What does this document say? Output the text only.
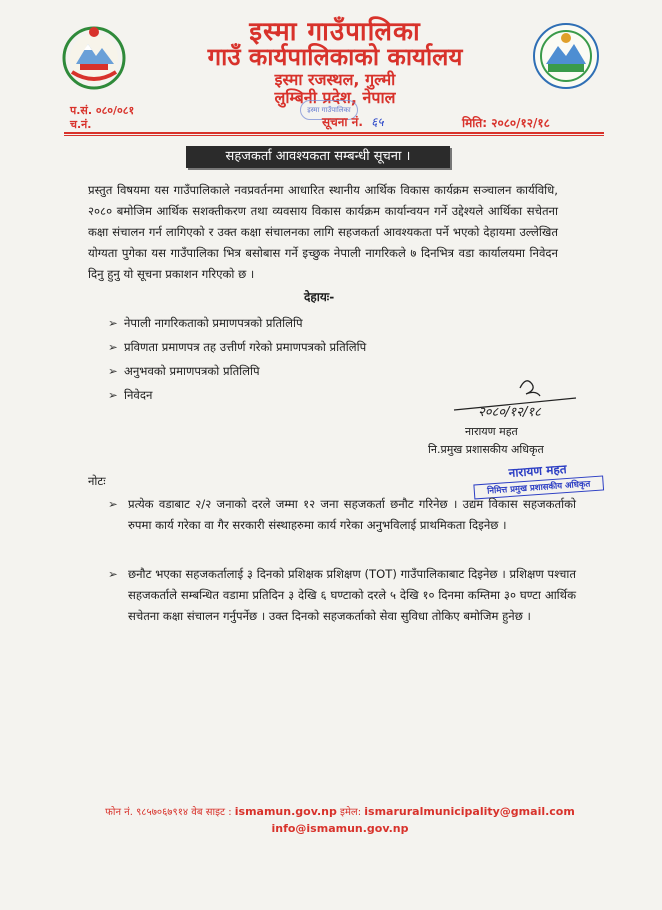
इस्मा गाउँपालिका
गाउँ कार्यपालिकाको कार्यालय
इस्मा रजस्थल, गुल्मी
लुम्बिनी प्रदेश, नेपाल
इस्मा गाउँपालिका
प.सं. ०८०/०८१
च.नं.	सूचना नं. ६५	मिति: २०८०/१२/१८
सहजकर्ता आवश्यकता सम्बन्धी सूचना ।
प्रस्तुत विषयमा यस गाउँपालिकाले नवप्रवर्तनमा आधारित स्थानीय आर्थिक विकास कार्यक्रम सञ्चालन कार्यविधि, २०८० बमोजिम आर्थिक सशक्तीकरण तथा व्यवसाय विकास कार्यक्रम कार्यान्वयन गर्ने उद्देश्यले आर्थिका सचेतना कक्षा संचालन गर्न लागिएको र उक्त कक्षा संचालनका लागि सहजकर्ता आवश्यकता पर्ने भएको देहायमा उल्लेखित योग्यता पुगेका यस गाउँपालिका भित्र बसोबास गर्ने इच्छुक नेपाली नागरिकले ७ दिनभित्र वडा कार्यालयमा निवेदन दिनु हुनु यो सूचना प्रकाशन गरिएको छ ।
देहायः-
➢ नेपाली नागरिकताको प्रमाणपत्रको प्रतिलिपि
➢ प्रविणता प्रमाणपत्र तह उत्तीर्ण गरेको प्रमाणपत्रको प्रतिलिपि
➢ अनुभवको प्रमाणपत्रको प्रतिलिपि
➢ निवेदन
२०८०/१२/१८
नारायण महत
नि.प्रमुख प्रशासकीय अधिकृत
नारायण महत
निमित्त प्रमुख प्रशासकीय अधिकृत
नोटः
➢ प्रत्येक वडाबाट २/२ जनाको दरले जम्मा १२ जना सहजकर्ता छनौट गरिनेछ । उद्यम विकास सहजकर्ताको रुपमा कार्य गरेका वा गैर सरकारी संस्थाहरुमा कार्य गरेका अनुभविलाई प्राथमिकता दिइनेछ ।
➢ छनौट भएका सहजकर्तालाई ३ दिनको प्रशिक्षक प्रशिक्षण (TOT) गाउँपालिकाबाट दिइनेछ । प्रशिक्षण पश्चात सहजकर्ताले सम्बन्धित वडामा प्रतिदिन ३ देखि ६ घण्टाको दरले ५ देखि १० दिनमा कम्तिमा ३० घण्टा आर्थिक सचेतना कक्षा संचालन गर्नुपर्नेछ । उक्त दिनको सहजकर्ताको सेवा सुविधा तोकिए बमोजिम हुनेछ ।
फोन नं. ९८५७०६७९१४ वेब साइट : ismamun.gov.np इमेल: ismaruralmunicipality@gmail.com
info@ismamun.gov.np
